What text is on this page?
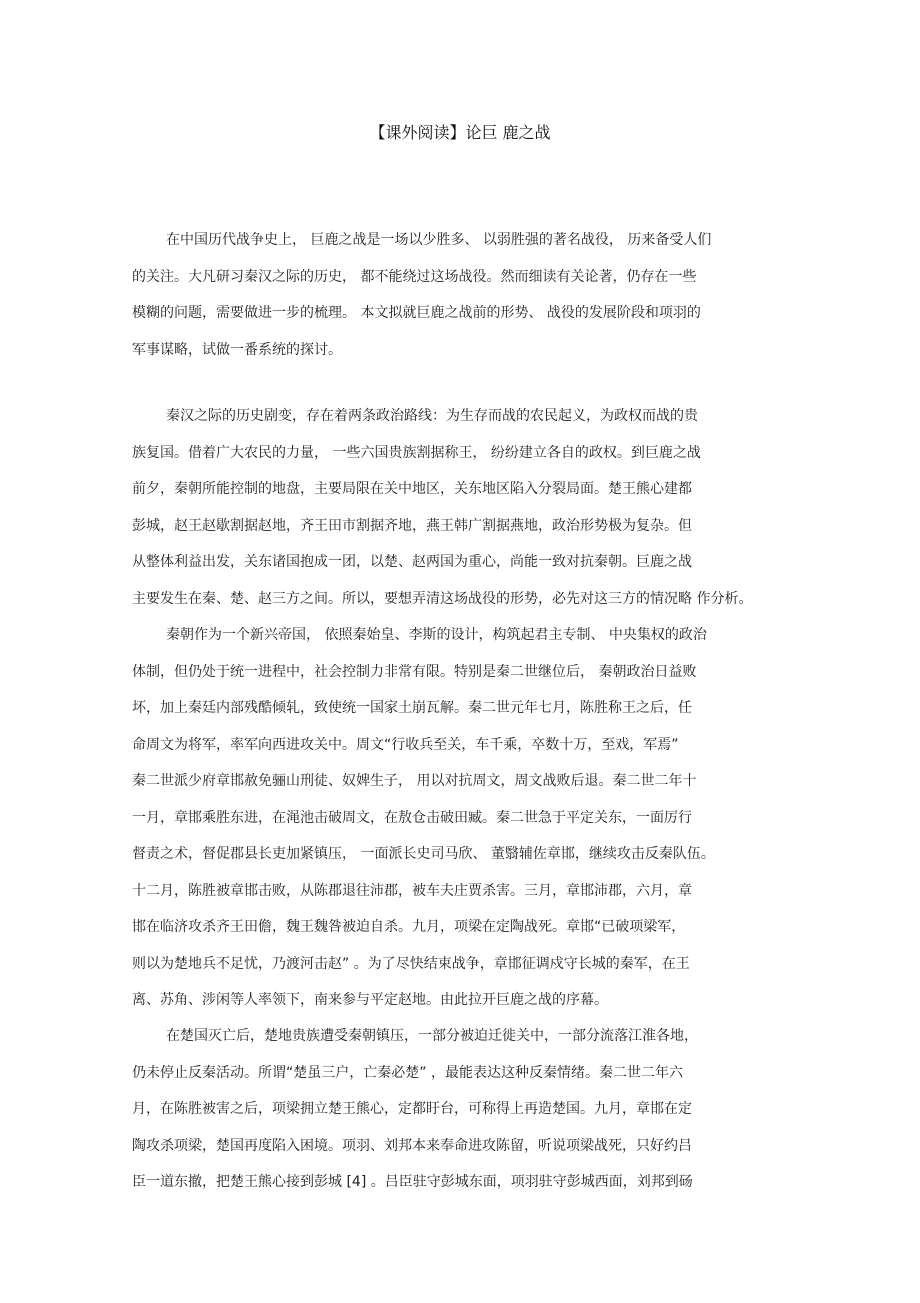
【课外阅读】论巨 鹿之战
在中国历代战争史上， 巨鹿之战是一场以少胜多、 以弱胜强的著名战役， 历来备受人们
的关注。大凡研习秦汉之际的历史， 都不能绕过这场战役。然而细读有关论著，仍存在一些
模糊的问题，需要做进一步的梳理。 本文拟就巨鹿之战前的形势、 战役的发展阶段和项羽的
军事谋略，试做一番系统的探讨。
秦汉之际的历史剧变，存在着两条政治路线：为生存而战的农民起义，为政权而战的贵
族复国。借着广大农民的力量， 一些六国贵族割据称王， 纷纷建立各自的政权。到巨鹿之战
前夕，秦朝所能控制的地盘，主要局限在关中地区，关东地区陷入分裂局面。楚王熊心建都
彭城，赵王赵歇割据赵地，齐王田市割据齐地，燕王韩广割据燕地，政治形势极为复杂。但
从整体利益出发，关东诸国抱成一团，以楚、赵两国为重心，尚能一致对抗秦朝。巨鹿之战
主要发生在秦、楚、赵三方之间。所以，要想弄清这场战役的形势，必先对这三方的情况略 作分析。
秦朝作为一个新兴帝国， 依照秦始皇、李斯的设计，构筑起君主专制、 中央集权的政治
体制，但仍处于统一进程中，社会控制力非常有限。特别是秦二世继位后， 秦朝政治日益败
坏，加上秦廷内部残酷倾轧，致使统一国家土崩瓦解。秦二世元年七月，陈胜称王之后，任
命周文为将军，率军向西进攻关中。周文“行收兵至关，车千乘，卒数十万，至戏，军焉”
秦二世派少府章邯赦免骊山刑徒、奴婢生子， 用以对抗周文，周文战败后退。秦二世二年十
一月，章邯乘胜东进，在渑池击破周文，在敖仓击破田臧。秦二世急于平定关东，一面厉行
督责之术，督促郡县长吏加紧镇压， 一面派长史司马欣、 董翳辅佐章邯，继续攻击反秦队伍。
十二月，陈胜被章邯击败，从陈郡退往沛郡，被车夫庄贾杀害。三月，章邯沛郡，六月，章
邯在临济攻杀齐王田儋，魏王魏咎被迫自杀。九月，项梁在定陶战死。章邯“已破项梁军，
则以为楚地兵不足忧，乃渡河击赵” 。为了尽快结束战争，章邯征调戍守长城的秦军，在王
离、苏角、涉闲等人率领下，南来参与平定赵地。由此拉开巨鹿之战的序幕。
在楚国灭亡后，楚地贵族遭受秦朝镇压，一部分被迫迁徙关中，一部分流落江淮各地，
仍未停止反秦活动。所谓“楚虽三户，亡秦必楚” ，最能表达这种反秦情绪。秦二世二年六
月，在陈胜被害之后，项梁拥立楚王熊心，定都盱台，可称得上再造楚国。九月，章邯在定
陶攻杀项梁，楚国再度陷入困境。项羽、刘邦本来奉命进攻陈留，听说项梁战死，只好约吕
臣一道东撤，把楚王熊心接到彭城 [4] 。吕臣驻守彭城东面，项羽驻守彭城西面，刘邦到砀
